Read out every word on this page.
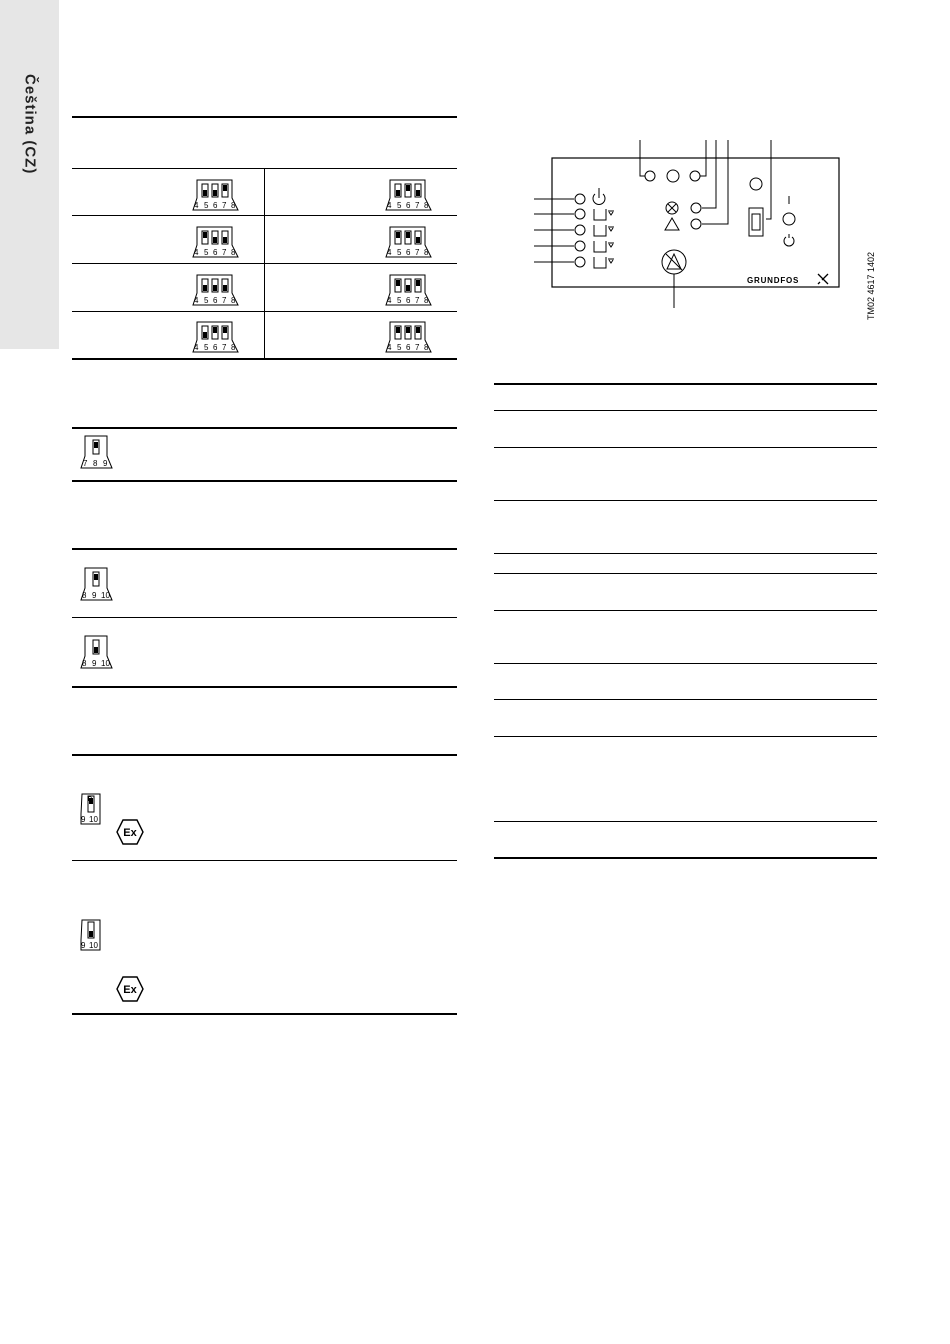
Čeština (CZ)
4 5 6 7 8	4 5 6 7 8
4 5 6 7 8	4 5 6 7 8
4 5 6 7 8	4 5 6 7 8
4 5 6 7 8	4 5 6 7 8
7 8 9
8 9 10
8 9 10
P
9 10
Ex
9 10
Ex
GRUNDFOS	TM02 4617 1402
